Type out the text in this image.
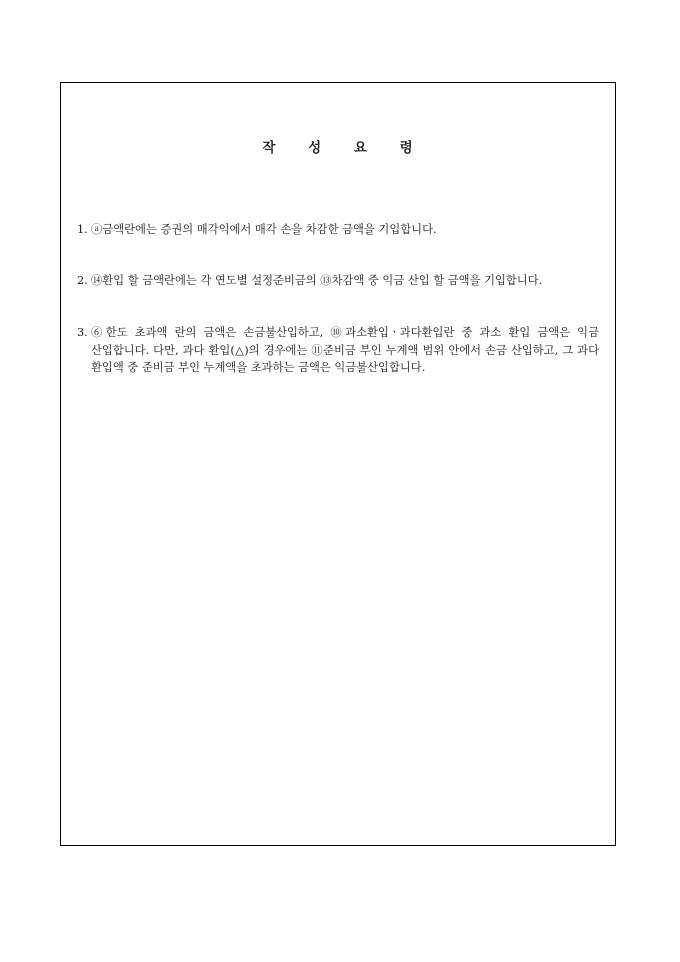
작 성 요 령
1. ⓐ금액란에는 증권의 매각익에서 매각 손을 차감한 금액을 기입합니다.
2. ⑭환입 할 금액란에는 각 연도별 설정준비금의 ⑬차감액 중 익금 산입 할 금액을 기입합니다.
3. ⑥한도 초과액 란의 금액은 손금불산입하고, ⑩과소환입ㆍ과다환입란 중 과소 환입 금액은 익금 산입합니다. 다만, 과다 환입(△)의 경우에는 ⑪준비금 부인 누계액 범위 안에서 손금 산입하고, 그 과다 환입액 중 준비금 부인 누계액을 초과하는 금액은 익금불산입합니다.
